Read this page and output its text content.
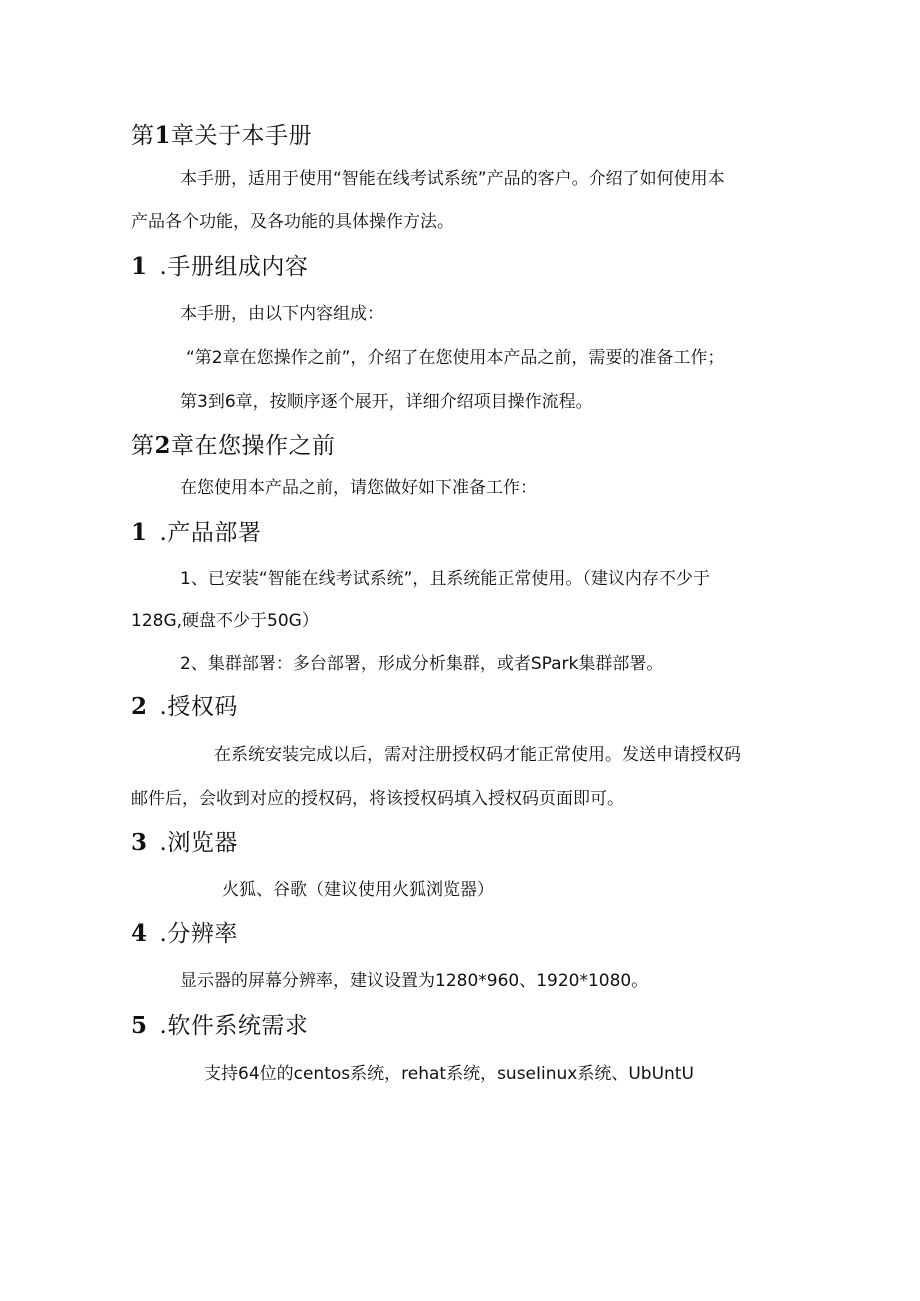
第1章关于本手册
本手册，适用于使用“智能在线考试系统”产品的客户。介绍了如何使用本
产品各个功能，及各功能的具体操作方法。
1 .手册组成内容
本手册，由以下内容组成：
“第2章在您操作之前”，介绍了在您使用本产品之前，需要的准备工作；
第3到6章，按顺序逐个展开，详细介绍项目操作流程。
第2章在您操作之前
在您使用本产品之前，请您做好如下准备工作：
1 .产品部署
1、已安装“智能在线考试系统”，且系统能正常使用。（建议内存不少于
128G,硬盘不少于50G）
2、集群部署：多台部署，形成分析集群，或者SPark集群部署。
2 .授权码
在系统安装完成以后，需对注册授权码才能正常使用。发送申请授权码
邮件后，会收到对应的授权码，将该授权码填入授权码页面即可。
3 .浏览器
火狐、谷歌（建议使用火狐浏览器）
4 .分辨率
显示器的屏幕分辨率，建议设置为1280*960、1920*1080。
5 .软件系统需求
支持64位的centos系统，rehat系统，suseIinux系统、UbUntU
